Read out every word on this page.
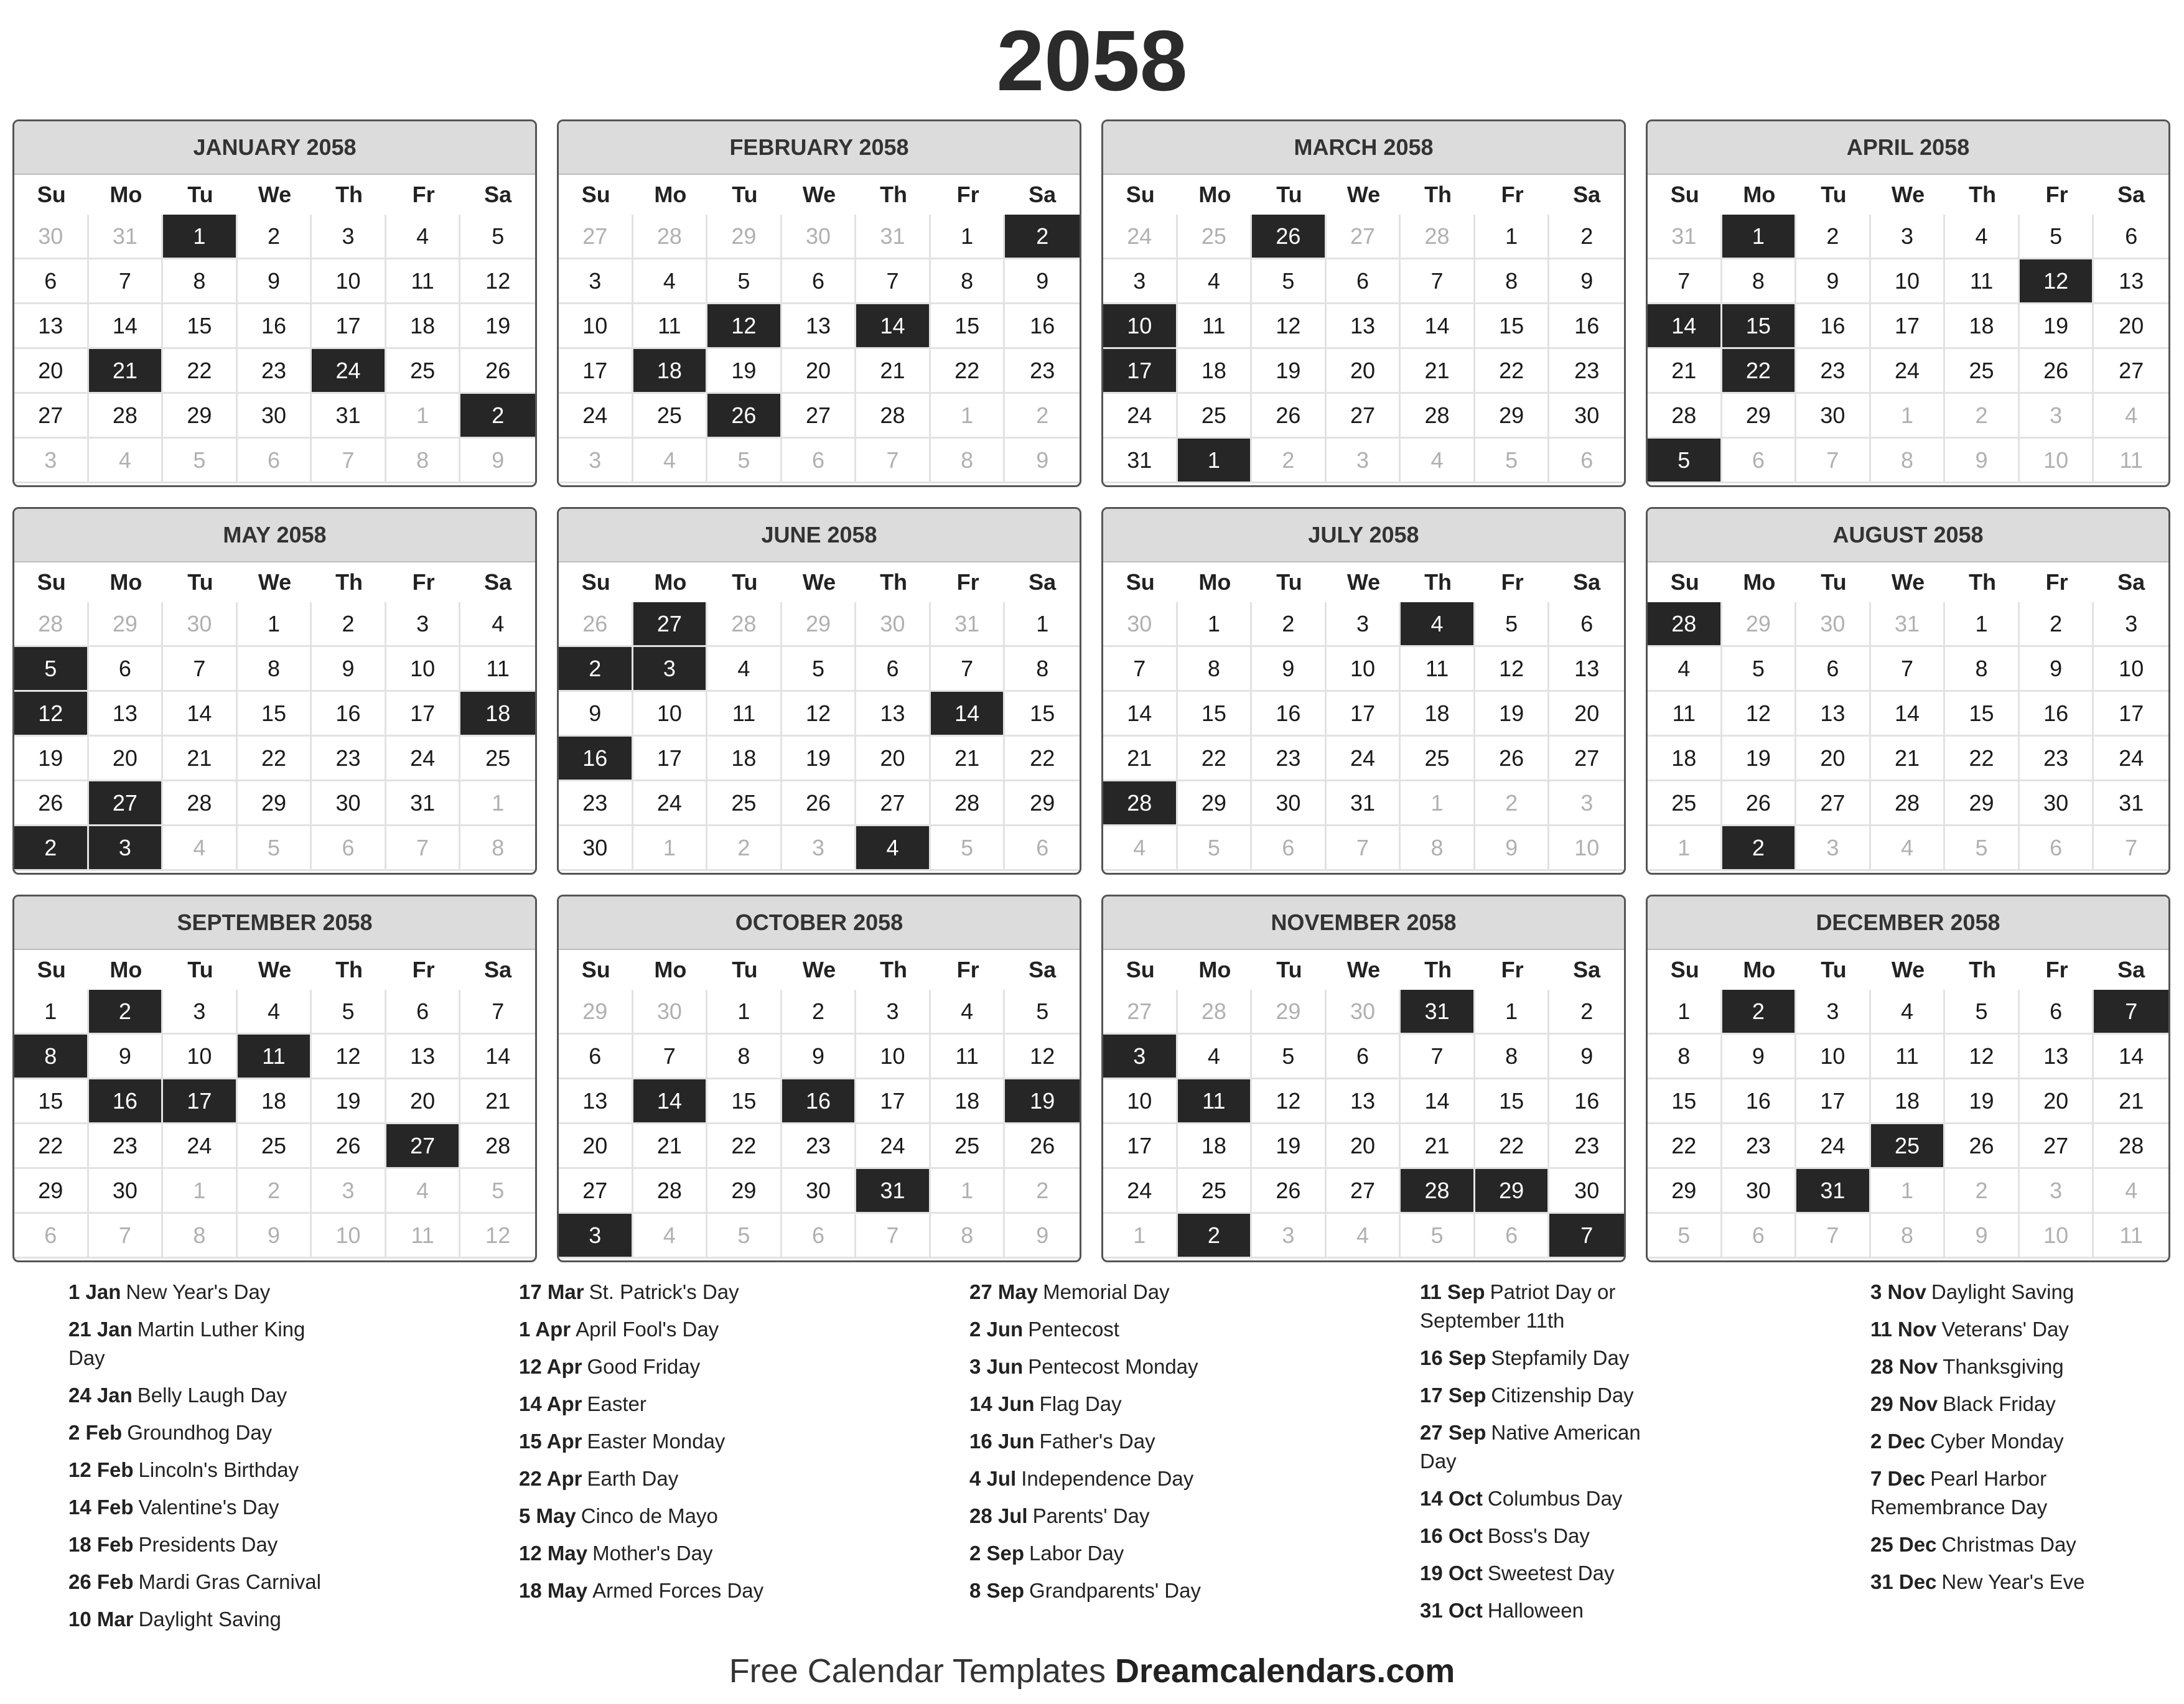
2058
JANUARY 2058
Su	Mo	Tu	We	Th	Fr	Sa
30	31	1	2	3	4	5
6	7	8	9	10	11	12
13	14	15	16	17	18	19
20	21	22	23	24	25	26
27	28	29	30	31	1	2
3	4	5	6	7	8	9
FEBRUARY 2058
Su	Mo	Tu	We	Th	Fr	Sa
27	28	29	30	31	1	2
3	4	5	6	7	8	9
10	11	12	13	14	15	16
17	18	19	20	21	22	23
24	25	26	27	28	1	2
3	4	5	6	7	8	9
MARCH 2058
Su	Mo	Tu	We	Th	Fr	Sa
24	25	26	27	28	1	2
3	4	5	6	7	8	9
10	11	12	13	14	15	16
17	18	19	20	21	22	23
24	25	26	27	28	29	30
31	1	2	3	4	5	6
APRIL 2058
Su	Mo	Tu	We	Th	Fr	Sa
31	1	2	3	4	5	6
7	8	9	10	11	12	13
14	15	16	17	18	19	20
21	22	23	24	25	26	27
28	29	30	1	2	3	4
5	6	7	8	9	10	11
MAY 2058
Su	Mo	Tu	We	Th	Fr	Sa
28	29	30	1	2	3	4
5	6	7	8	9	10	11
12	13	14	15	16	17	18
19	20	21	22	23	24	25
26	27	28	29	30	31	1
2	3	4	5	6	7	8
JUNE 2058
Su	Mo	Tu	We	Th	Fr	Sa
26	27	28	29	30	31	1
2	3	4	5	6	7	8
9	10	11	12	13	14	15
16	17	18	19	20	21	22
23	24	25	26	27	28	29
30	1	2	3	4	5	6
JULY 2058
Su	Mo	Tu	We	Th	Fr	Sa
30	1	2	3	4	5	6
7	8	9	10	11	12	13
14	15	16	17	18	19	20
21	22	23	24	25	26	27
28	29	30	31	1	2	3
4	5	6	7	8	9	10
AUGUST 2058
Su	Mo	Tu	We	Th	Fr	Sa
28	29	30	31	1	2	3
4	5	6	7	8	9	10
11	12	13	14	15	16	17
18	19	20	21	22	23	24
25	26	27	28	29	30	31
1	2	3	4	5	6	7
SEPTEMBER 2058
Su	Mo	Tu	We	Th	Fr	Sa
1	2	3	4	5	6	7
8	9	10	11	12	13	14
15	16	17	18	19	20	21
22	23	24	25	26	27	28
29	30	1	2	3	4	5
6	7	8	9	10	11	12
OCTOBER 2058
Su	Mo	Tu	We	Th	Fr	Sa
29	30	1	2	3	4	5
6	7	8	9	10	11	12
13	14	15	16	17	18	19
20	21	22	23	24	25	26
27	28	29	30	31	1	2
3	4	5	6	7	8	9
NOVEMBER 2058
Su	Mo	Tu	We	Th	Fr	Sa
27	28	29	30	31	1	2
3	4	5	6	7	8	9
10	11	12	13	14	15	16
17	18	19	20	21	22	23
24	25	26	27	28	29	30
1	2	3	4	5	6	7
DECEMBER 2058
Su	Mo	Tu	We	Th	Fr	Sa
1	2	3	4	5	6	7
8	9	10	11	12	13	14
15	16	17	18	19	20	21
22	23	24	25	26	27	28
29	30	31	1	2	3	4
5	6	7	8	9	10	11
1 Jan New Year's Day
21 Jan Martin Luther King Day
24 Jan Belly Laugh Day
2 Feb Groundhog Day
12 Feb Lincoln's Birthday
14 Feb Valentine's Day
18 Feb Presidents Day
26 Feb Mardi Gras Carnival
10 Mar Daylight Saving
17 Mar St. Patrick's Day
1 Apr April Fool's Day
12 Apr Good Friday
14 Apr Easter
15 Apr Easter Monday
22 Apr Earth Day
5 May Cinco de Mayo
12 May Mother's Day
18 May Armed Forces Day
27 May Memorial Day
2 Jun Pentecost
3 Jun Pentecost Monday
14 Jun Flag Day
16 Jun Father's Day
4 Jul Independence Day
28 Jul Parents' Day
2 Sep Labor Day
8 Sep Grandparents' Day
11 Sep Patriot Day or September 11th
16 Sep Stepfamily Day
17 Sep Citizenship Day
27 Sep Native American Day
14 Oct Columbus Day
16 Oct Boss's Day
19 Oct Sweetest Day
31 Oct Halloween
3 Nov Daylight Saving
11 Nov Veterans' Day
28 Nov Thanksgiving
29 Nov Black Friday
2 Dec Cyber Monday
7 Dec Pearl Harbor Remembrance Day
25 Dec Christmas Day
31 Dec New Year's Eve
Free Calendar Templates Dreamcalendars.com
